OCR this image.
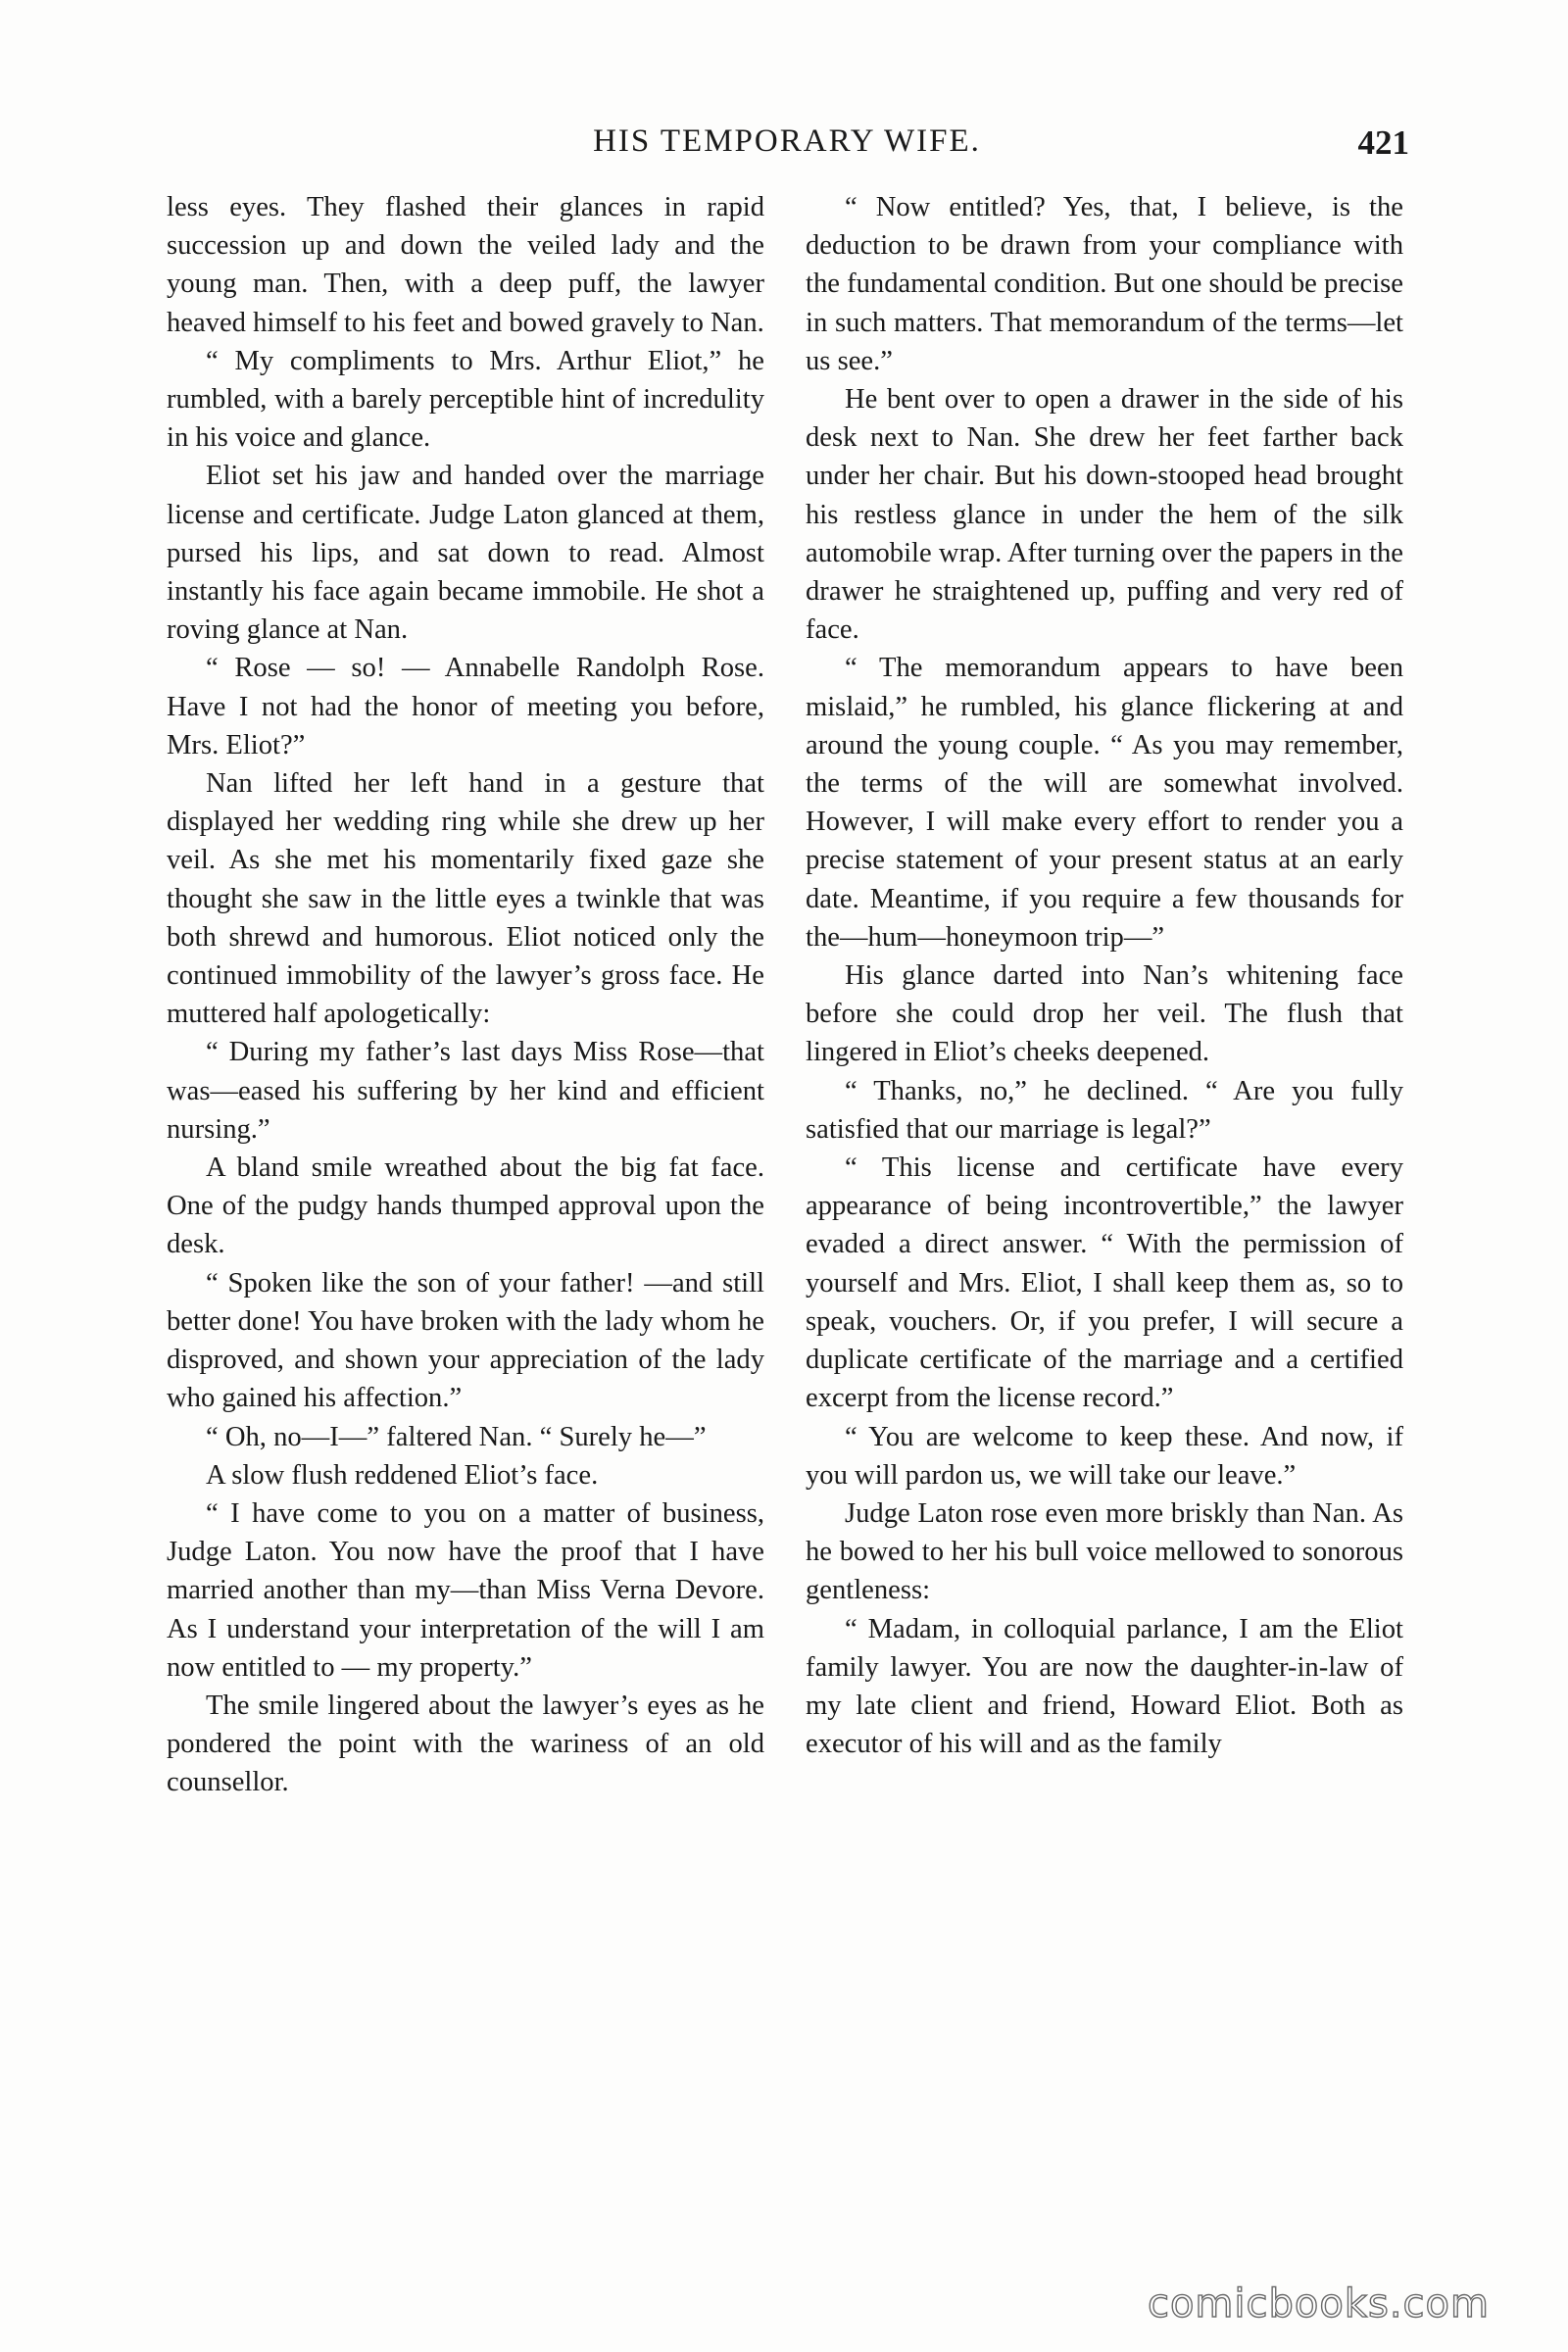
HIS TEMPORARY WIFE.	421

less eyes. They flashed their glances in rapid succession up and down the veiled lady and the young man. Then, with a deep puff, the lawyer heaved himself to his feet and bowed gravely to Nan.

“ My compliments to Mrs. Arthur Eliot,” he rumbled, with a barely perceptible hint of incredulity in his voice and glance.

Eliot set his jaw and handed over the marriage license and certificate. Judge Laton glanced at them, pursed his lips, and sat down to read. Almost instantly his face again became immobile. He shot a roving glance at Nan.

“ Rose — so! — Annabelle Randolph Rose. Have I not had the honor of meeting you before, Mrs. Eliot?”

Nan lifted her left hand in a gesture that displayed her wedding ring while she drew up her veil. As she met his momentarily fixed gaze she thought she saw in the little eyes a twinkle that was both shrewd and humorous. Eliot noticed only the continued immobility of the lawyer’s gross face. He muttered half apologetically:

“ During my father’s last days Miss Rose—that was—eased his suffering by her kind and efficient nursing.”

A bland smile wreathed about the big fat face. One of the pudgy hands thumped approval upon the desk.

“ Spoken like the son of your father! —and still better done! You have broken with the lady whom he disproved, and shown your appreciation of the lady who gained his affection.”

“ Oh, no—I—” faltered Nan. “ Surely he—”

A slow flush reddened Eliot’s face.

“ I have come to you on a matter of business, Judge Laton. You now have the proof that I have married another than my—than Miss Verna Devore. As I understand your interpretation of the will I am now entitled to — my property.”

The smile lingered about the lawyer’s eyes as he pondered the point with the wariness of an old counsellor.

“ Now entitled? Yes, that, I believe, is the deduction to be drawn from your compliance with the fundamental condition. But one should be precise in such matters. That memorandum of the terms—let us see.”

He bent over to open a drawer in the side of his desk next to Nan. She drew her feet farther back under her chair. But his down-stooped head brought his restless glance in under the hem of the silk automobile wrap. After turning over the papers in the drawer he straightened up, puffing and very red of face.

“ The memorandum appears to have been mislaid,” he rumbled, his glance flickering at and around the young couple. “ As you may remember, the terms of the will are somewhat involved. However, I will make every effort to render you a precise statement of your present status at an early date. Meantime, if you require a few thousands for the—hum—honeymoon trip—”

His glance darted into Nan’s whitening face before she could drop her veil. The flush that lingered in Eliot’s cheeks deepened.

“ Thanks, no,” he declined. “ Are you fully satisfied that our marriage is legal?”

“ This license and certificate have every appearance of being incontrovertible,” the lawyer evaded a direct answer. “ With the permission of yourself and Mrs. Eliot, I shall keep them as, so to speak, vouchers. Or, if you prefer, I will secure a duplicate certificate of the marriage and a certified excerpt from the license record.”

“ You are welcome to keep these. And now, if you will pardon us, we will take our leave.”

Judge Laton rose even more briskly than Nan. As he bowed to her his bull voice mellowed to sonorous gentleness:

“ Madam, in colloquial parlance, I am the Eliot family lawyer. You are now the daughter-in-law of my late client and friend, Howard Eliot. Both as executor of his will and as the family

comicbooks.com
